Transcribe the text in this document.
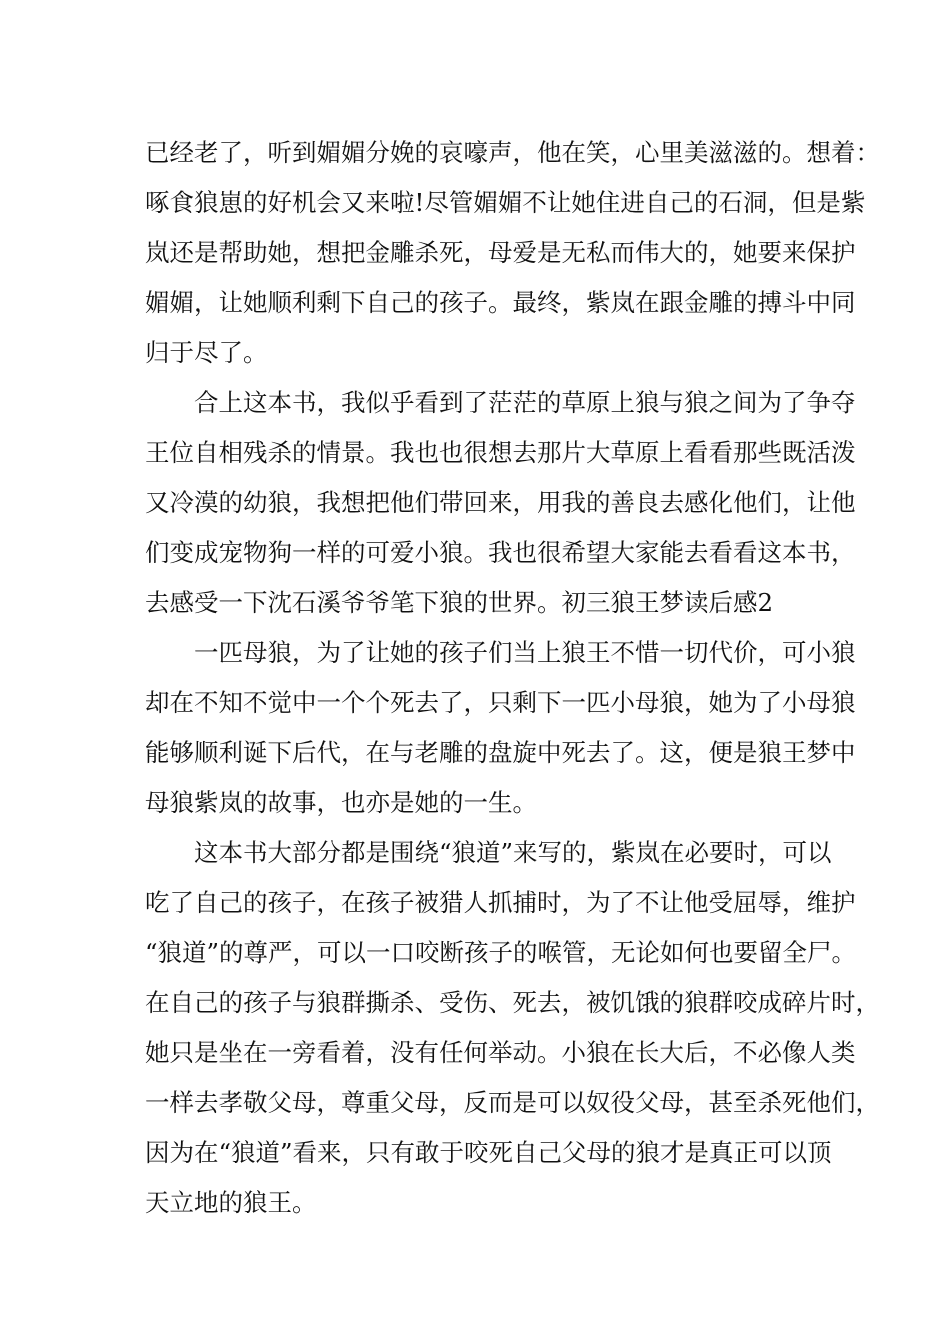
已经老了，听到媚媚分娩的哀嚎声，他在笑，心里美滋滋的。想着：
啄食狼崽的好机会又来啦!尽管媚媚不让她住进自己的石洞，但是紫
岚还是帮助她，想把金雕杀死，母爱是无私而伟大的，她要来保护
媚媚，让她顺利剩下自己的孩子。最终，紫岚在跟金雕的搏斗中同
归于尽了。
合上这本书，我似乎看到了茫茫的草原上狼与狼之间为了争夺
王位自相残杀的情景。我也也很想去那片大草原上看看那些既活泼
又冷漠的幼狼，我想把他们带回来，用我的善良去感化他们，让他
们变成宠物狗一样的可爱小狼。我也很希望大家能去看看这本书，
去感受一下沈石溪爷爷笔下狼的世界。初三狼王梦读后感2
一匹母狼，为了让她的孩子们当上狼王不惜一切代价，可小狼
却在不知不觉中一个个死去了，只剩下一匹小母狼，她为了小母狼
能够顺利诞下后代，在与老雕的盘旋中死去了。这，便是狼王梦中
母狼紫岚的故事，也亦是她的一生。
这本书大部分都是围绕“狼道”来写的，紫岚在必要时，可以
吃了自己的孩子，在孩子被猎人抓捕时，为了不让他受屈辱，维护
“狼道”的尊严，可以一口咬断孩子的喉管，无论如何也要留全尸。
在自己的孩子与狼群撕杀、受伤、死去，被饥饿的狼群咬成碎片时，
她只是坐在一旁看着，没有任何举动。小狼在长大后，不必像人类
一样去孝敬父母，尊重父母，反而是可以奴役父母，甚至杀死他们，
因为在“狼道”看来，只有敢于咬死自己父母的狼才是真正可以顶
天立地的狼王。
